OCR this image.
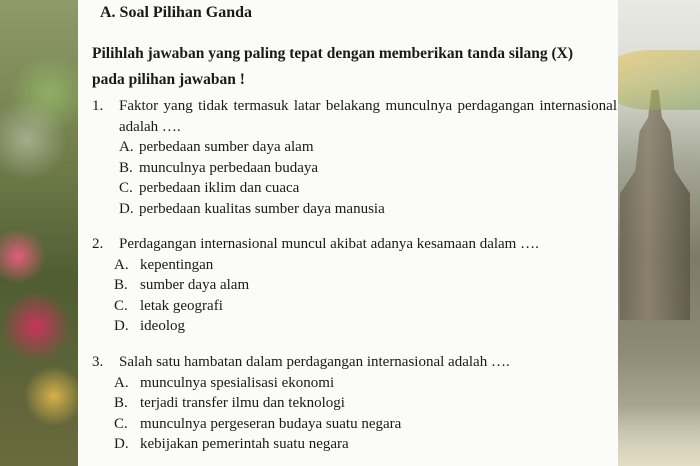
A. Soal Pilihan Ganda

Pilihlah jawaban yang paling tepat dengan memberikan tanda silang (X)
pada pilihan jawaban !

1.	Faktor yang tidak termasuk latar belakang munculnya perdagangan internasional adalah ….
A. perbedaan sumber daya alam
B. munculnya perbedaan budaya
C. perbedaan iklim dan cuaca
D. perbedaan kualitas sumber daya manusia
2.	Perdagangan internasional muncul akibat adanya kesamaan dalam ….
A. kepentingan
B. sumber daya alam
C. letak geografi
D. ideolog
3.	Salah satu hambatan dalam perdagangan internasional adalah ….
A. munculnya spesialisasi ekonomi
B. terjadi transfer ilmu dan teknologi
C. munculnya pergeseran budaya suatu negara
D. kebijakan pemerintah suatu negara
